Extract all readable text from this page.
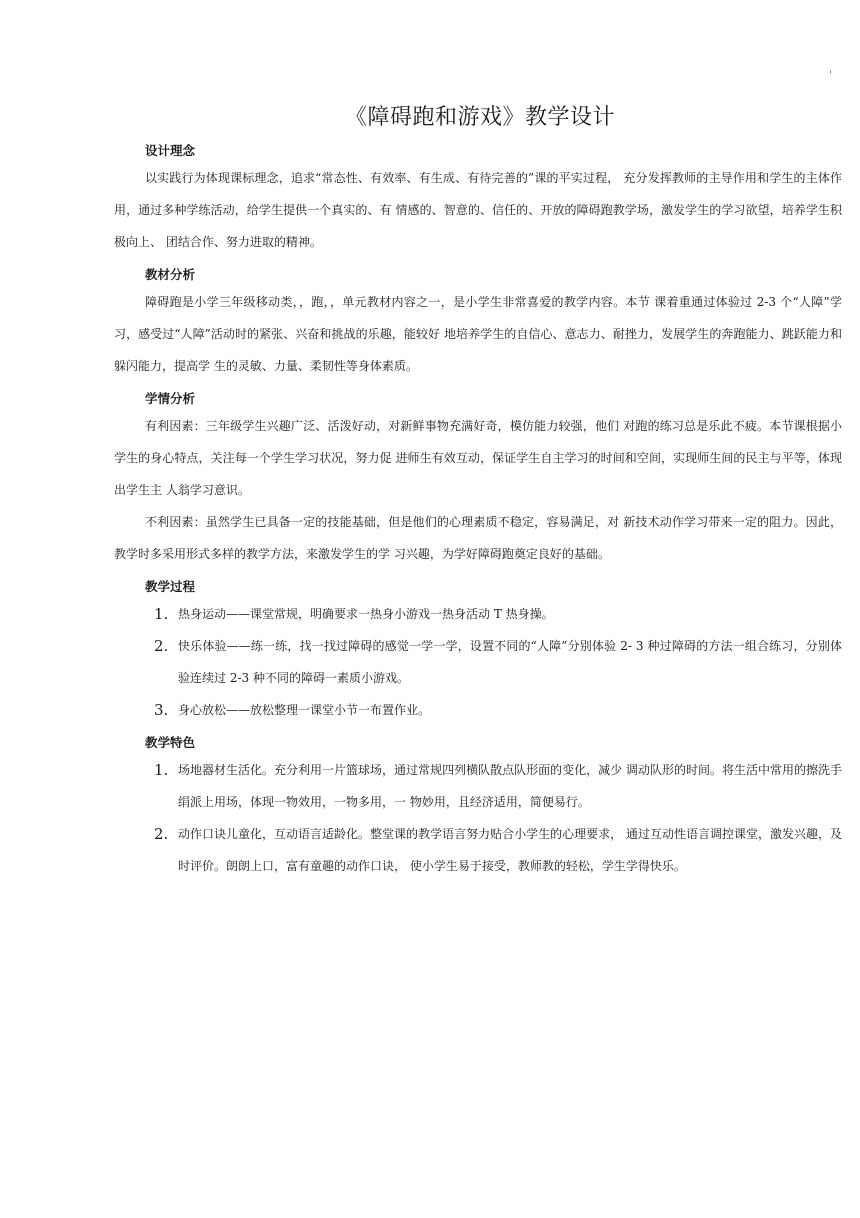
'
《障碍跑和游戏》教学设计
设计理念

以实践行为体现课标理念，追求“常态性、有效率、有生成、有待完善的”课的平实过程， 充分发挥教师的主导作用和学生的主体作用，通过多种学练活动，给学生提供一个真实的、有 情感的、智意的、信任的、开放的障碍跑教学场，激发学生的学习欲望，培养学生积极向上、 团结合作、努力进取的精神。

教材分析

障碍跑是小学三年级移动类，，跑，，单元教材内容之一，是小学生非常喜爱的教学内容。本节 课着重通过体验过 2-3 个“人障”学习，感受过“人障”活动时的紧张、兴奋和挑战的乐趣，能较好 地培养学生的自信心、意志力、耐挫力，发展学生的奔跑能力、跳跃能力和躲闪能力，提高学 生的灵敏、力量、柔韧性等身体素质。

学情分析

有利因素：三年级学生兴趣广泛、活泼好动，对新鲜事物充满好奇，模仿能力较强，他们 对跑的练习总是乐此不疲。本节课根据小学生的身心特点，关注每一个学生学习状况，努力促 进师生有效互动，保证学生自主学习的时间和空间，实现师生间的民主与平等，体现出学生主 人翁学习意识。

不利因素：虽然学生已具备一定的技能基础，但是他们的心理素质不稳定，容易满足，对 新技术动作学习带来一定的阻力。因此，教学时多采用形式多样的教学方法，来激发学生的学 习兴趣，为学好障碍跑奠定良好的基础。

教学过程
1. 热身运动——课堂常规，明确要求一热身小游戏一热身活动 T 热身操。
2. 快乐体验——练一练，找一找过障碍的感觉一学一学，设置不同的“人障”分别体验 2- 3 种过障碍的方法一组合练习，分别体验连续过 2-3 种不同的障碍一素质小游戏。
3. 身心放松——放松整理一课堂小节一布置作业。
教学特色
1. 场地器材生活化。充分利用一片篮球场，通过常规四列横队散点队形面的变化，减少 调动队形的时间。将生活中常用的擦洗手绢派上用场，体现一物效用，一物多用，一 物妙用，且经济适用，简便易行。
2. 动作口诀儿童化，互动语言适龄化。整堂课的教学语言努力贴合小学生的心理要求， 通过互动性语言调控课堂，激发兴趣，及时评价。朗朗上口，富有童趣的动作口诀， 使小学生易于接受，教师教的轻松，学生学得快乐。
